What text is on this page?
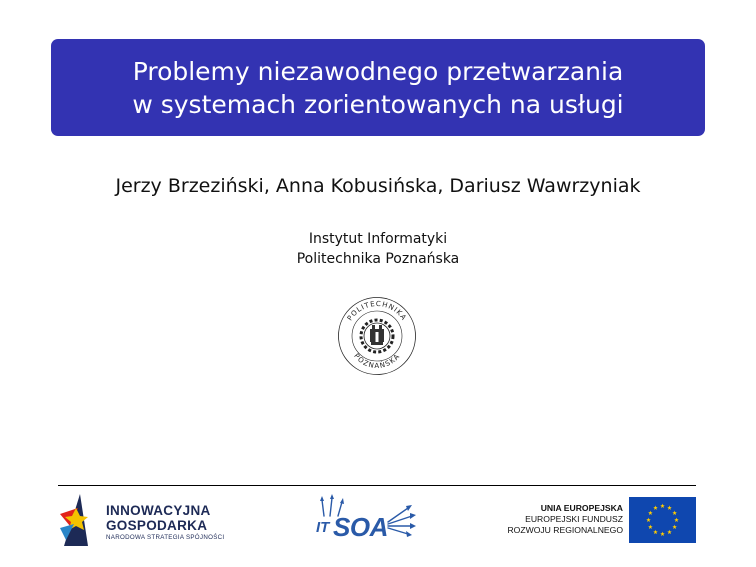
Problemy niezawodnego przetwarzania
w systemach zorientowanych na usługi
Jerzy Brzeziński, Anna Kobusińska, Dariusz Wawrzyniak
Instytut Informatyki
Politechnika Poznańska
POLITECHNIKA
POZNAŃSKA
INNOWACYJNA
GOSPODARKA
NARODOWA STRATEGIA SPÓJNOŚCI
IT SOA
UNIA EUROPEJSKA
EUROPEJSKI FUNDUSZ
ROZWOJU REGIONALNEGO
